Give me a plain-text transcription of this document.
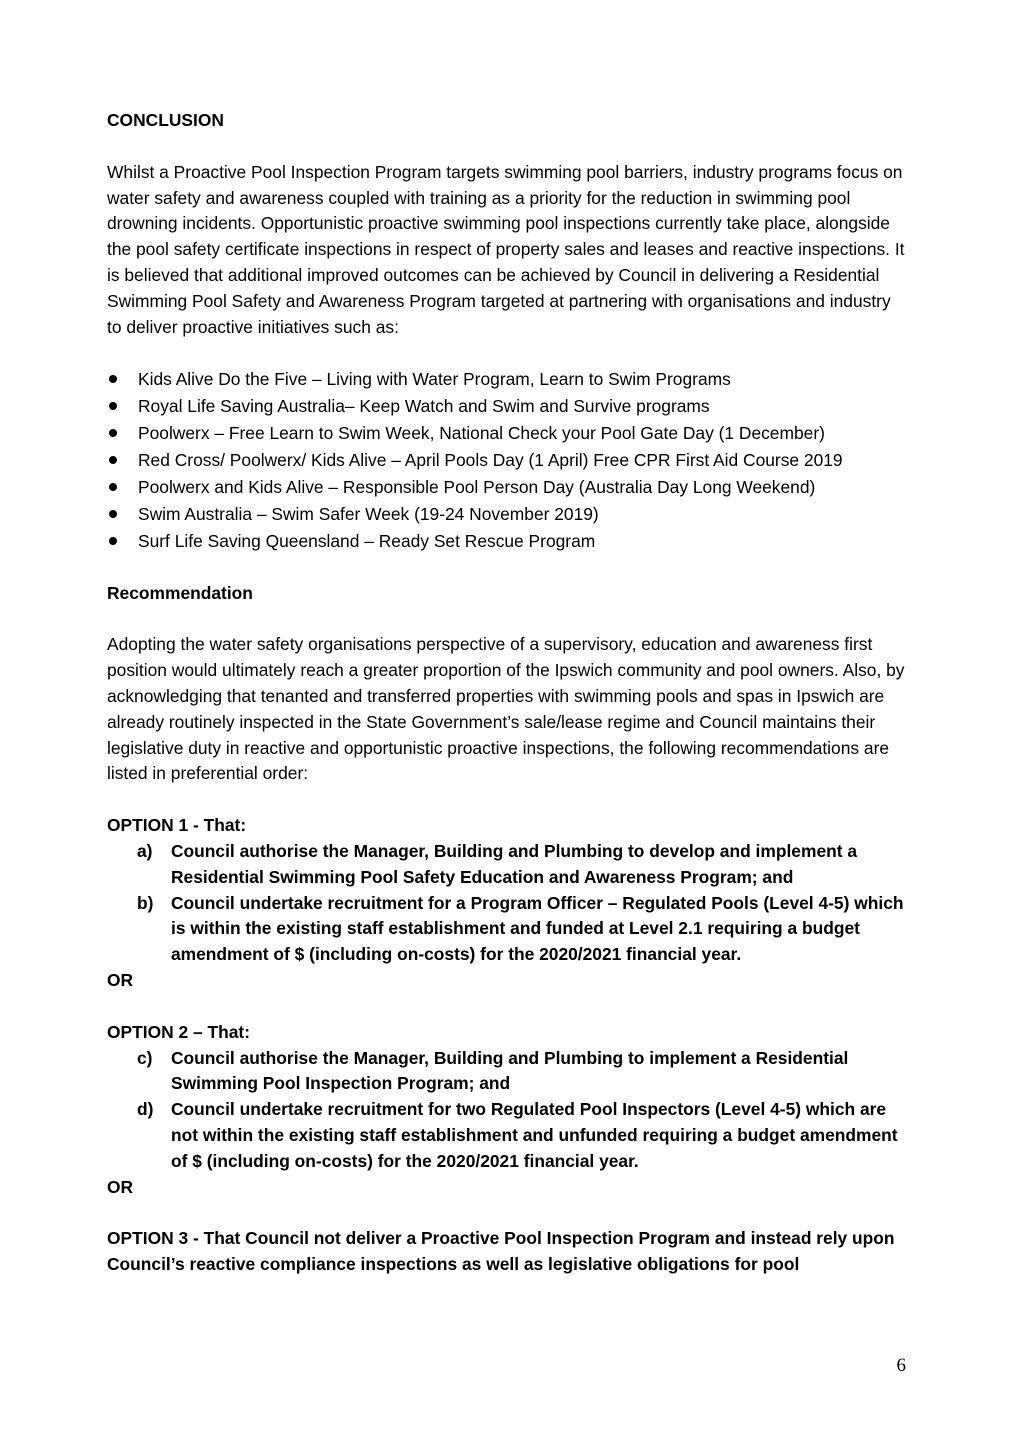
CONCLUSION

Whilst a Proactive Pool Inspection Program targets swimming pool barriers, industry programs focus on water safety and awareness coupled with training as a priority for the reduction in swimming pool drowning incidents. Opportunistic proactive swimming pool inspections currently take place, alongside the pool safety certificate inspections in respect of property sales and leases and reactive inspections. It is believed that additional improved outcomes can be achieved by Council in delivering a Residential Swimming Pool Safety and Awareness Program targeted at partnering with organisations and industry to deliver proactive initiatives such as:

Kids Alive Do the Five – Living with Water Program, Learn to Swim Programs
Royal Life Saving Australia– Keep Watch and Swim and Survive programs
Poolwerx – Free Learn to Swim Week, National Check your Pool Gate Day (1 December)
Red Cross/ Poolwerx/ Kids Alive – April Pools Day (1 April) Free CPR First Aid Course 2019
Poolwerx and Kids Alive – Responsible Pool Person Day (Australia Day Long Weekend)
Swim Australia – Swim Safer Week (19-24 November 2019)
Surf Life Saving Queensland – Ready Set Rescue Program

Recommendation

Adopting the water safety organisations perspective of a supervisory, education and awareness first position would ultimately reach a greater proportion of the Ipswich community and pool owners. Also, by acknowledging that tenanted and transferred properties with swimming pools and spas in Ipswich are already routinely inspected in the State Government’s sale/lease regime and Council maintains their legislative duty in reactive and opportunistic proactive inspections, the following recommendations are listed in preferential order:

OPTION 1 - That:

a) Council authorise the Manager, Building and Plumbing to develop and implement a Residential Swimming Pool Safety Education and Awareness Program; and
b) Council undertake recruitment for a Program Officer – Regulated Pools (Level 4-5) which is within the existing staff establishment and funded at Level 2.1 requiring a budget amendment of $ (including on-costs) for the 2020/2021 financial year.

OR

OPTION 2 – That:

c) Council authorise the Manager, Building and Plumbing to implement a Residential Swimming Pool Inspection Program; and
d) Council undertake recruitment for two Regulated Pool Inspectors (Level 4-5) which are not within the existing staff establishment and unfunded requiring a budget amendment of $ (including on-costs) for the 2020/2021 financial year.

OR

OPTION 3 - That Council not deliver a Proactive Pool Inspection Program and instead rely upon Council’s reactive compliance inspections as well as legislative obligations for pool

6
